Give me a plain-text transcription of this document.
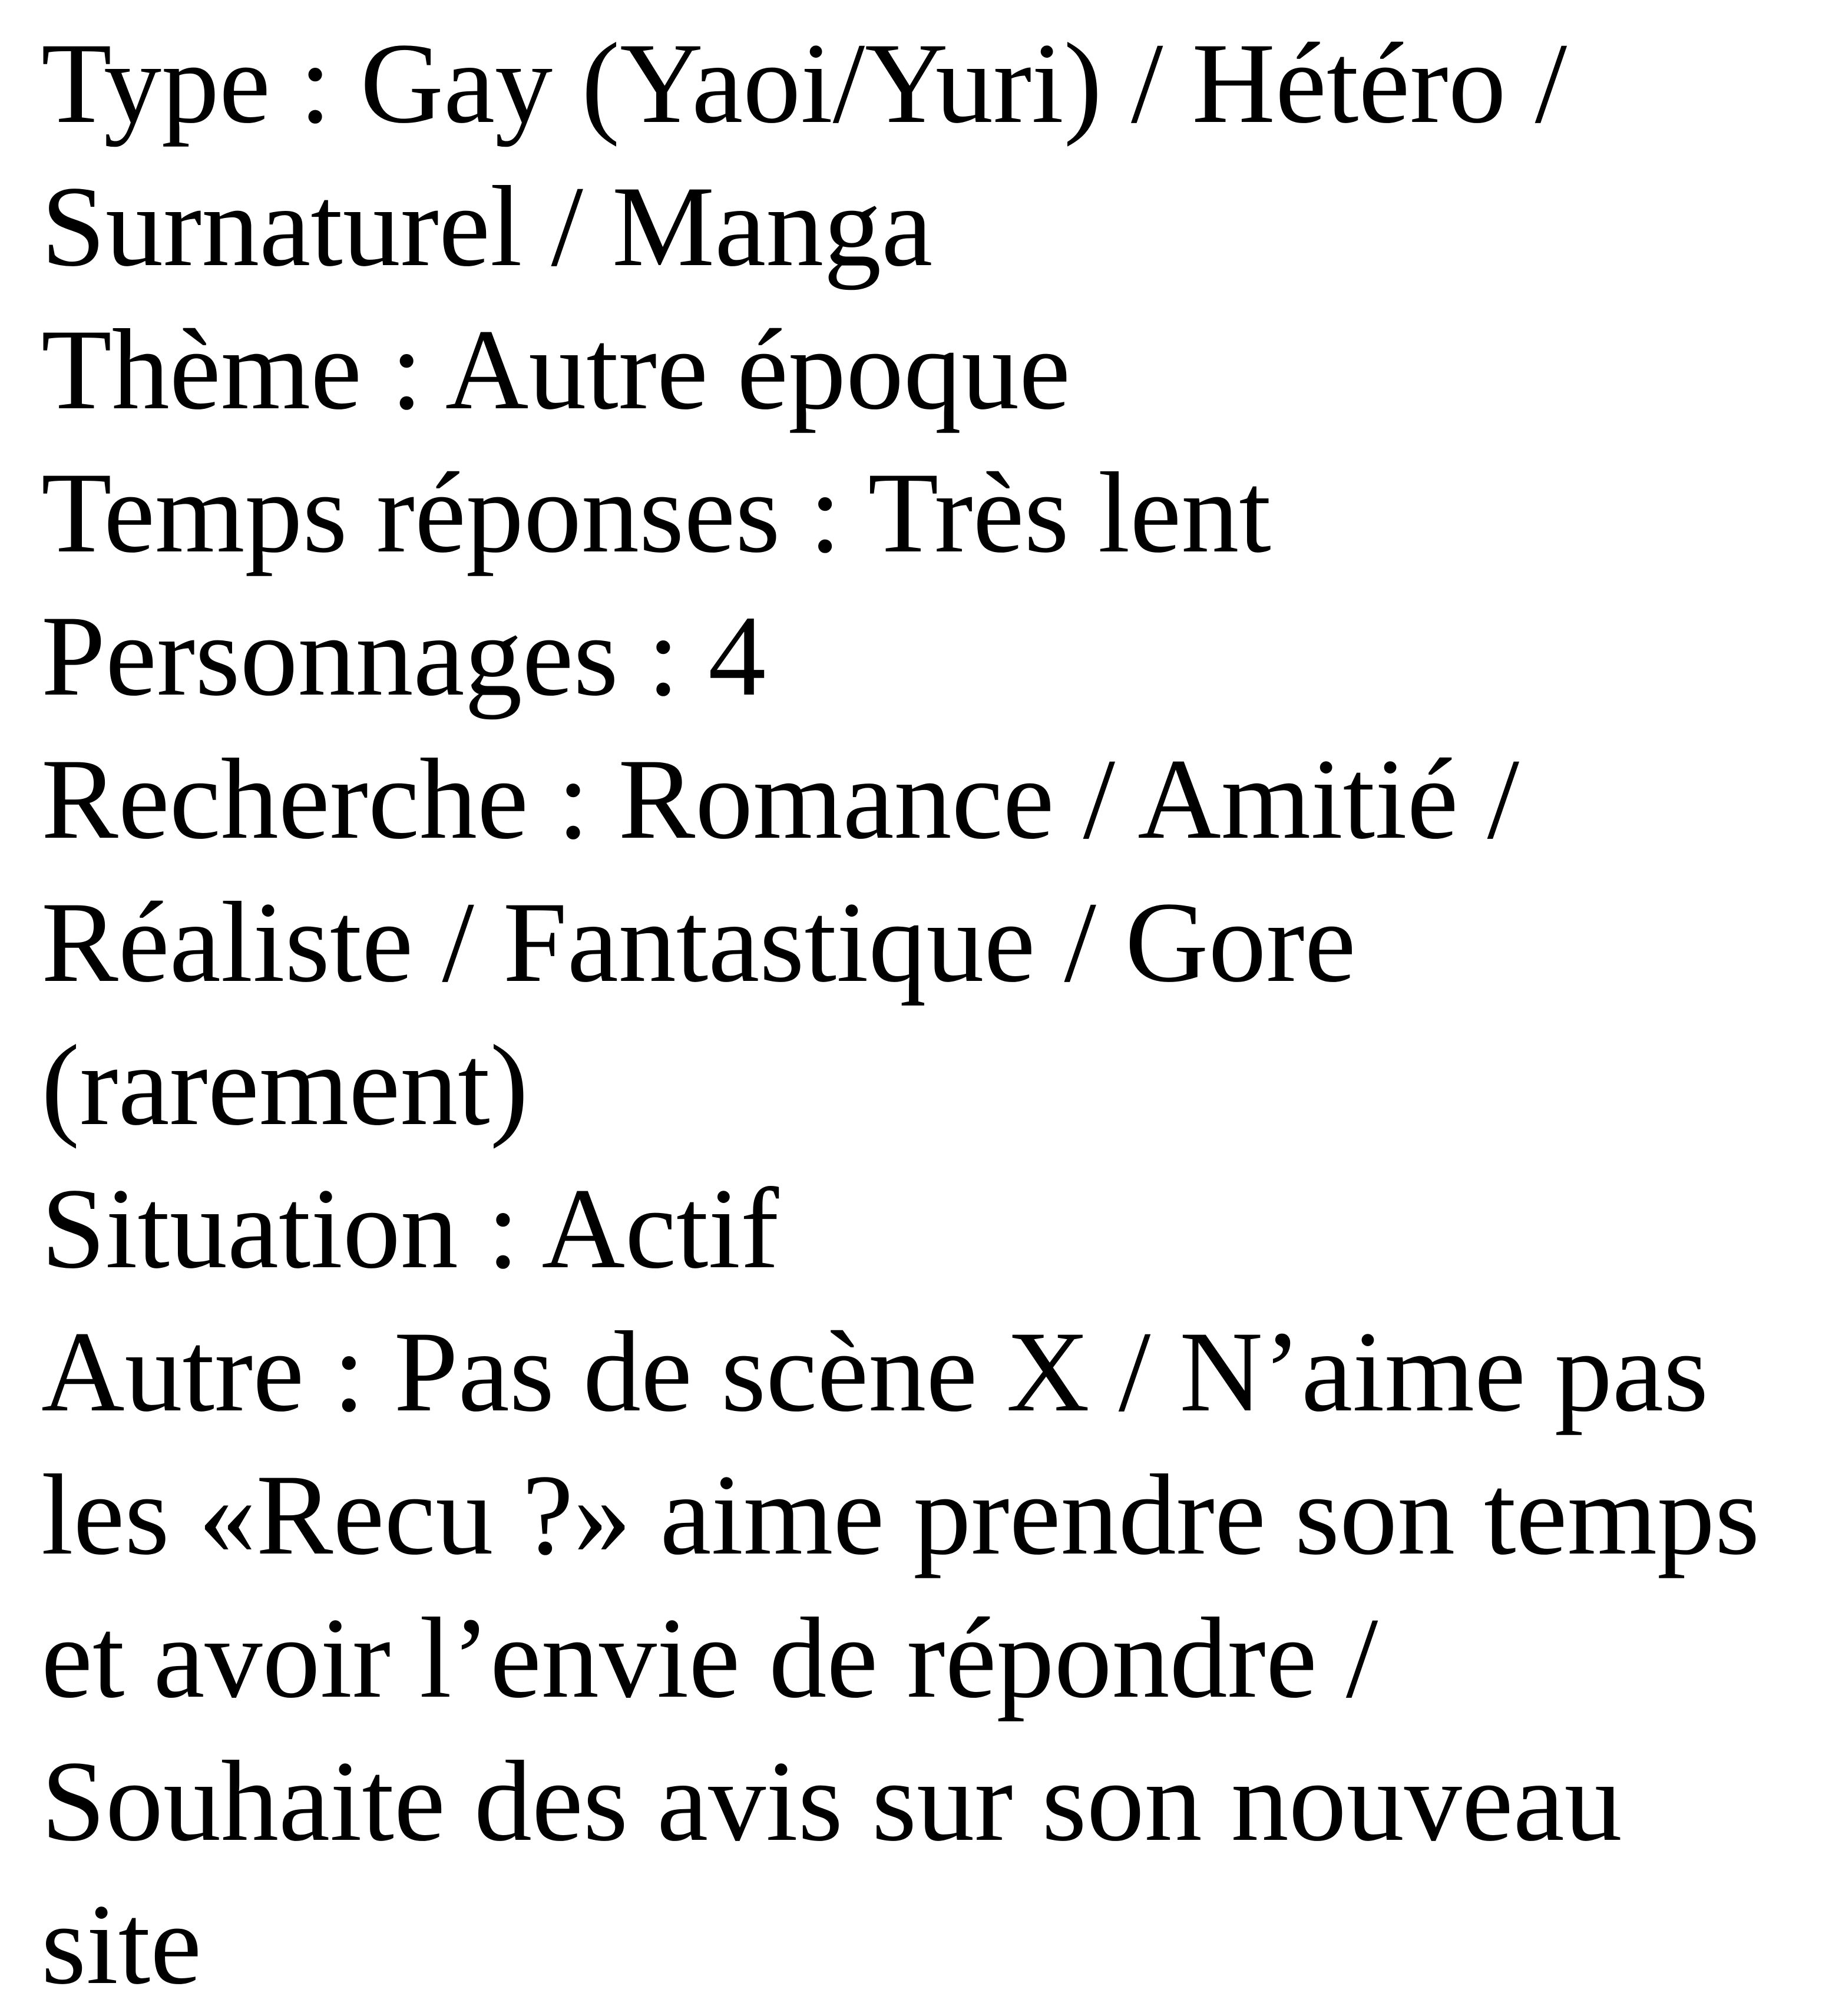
Type : Gay (Yaoi/Yuri) / Hétéro /
Surnaturel / Manga
Thème : Autre époque
Temps réponses : Très lent
Personnages : 4
Recherche : Romance / Amitié /
Réaliste / Fantastique / Gore
(rarement)
Situation : Actif
Autre : Pas de scène X / N’aime pas
les «Recu ?» aime prendre son temps
et avoir l’envie de répondre /
Souhaite des avis sur son nouveau
site
